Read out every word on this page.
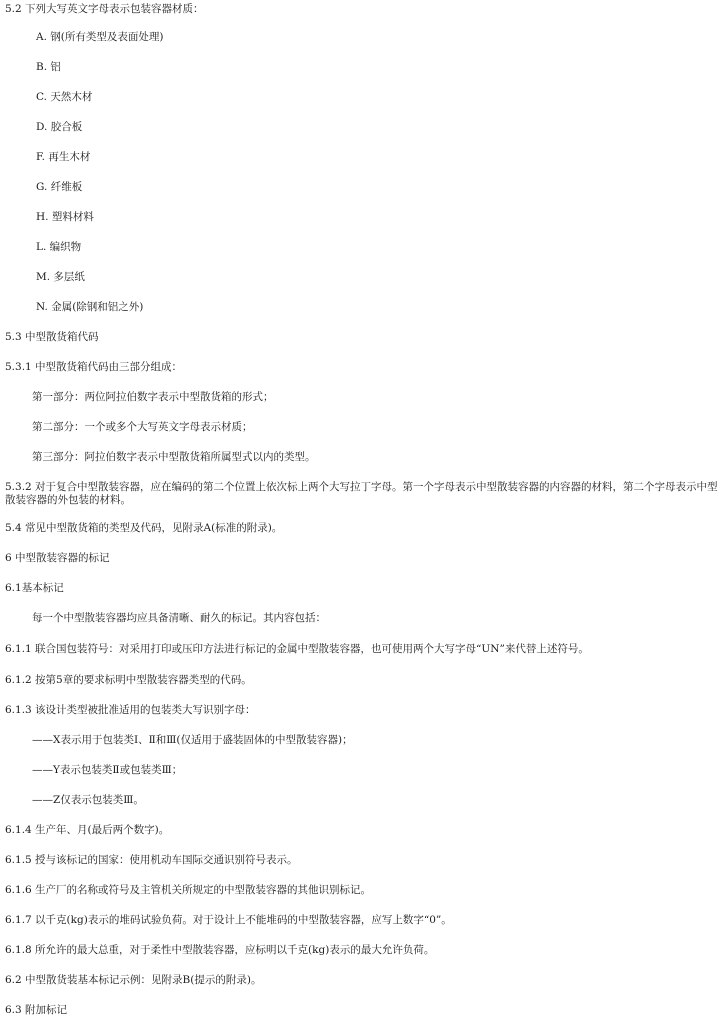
5.2 下列大写英文字母表示包装容器材质：
A. 钢(所有类型及表面处理)
B. 铝
C. 天然木材
D. 胶合板
F. 再生木材
G. 纤维板
H. 塑料材料
L. 编织物
M. 多层纸
N. 金属(除钢和铝之外)
5.3 中型散货箱代码
5.3.1 中型散货箱代码由三部分组成：
第一部分：两位阿拉伯数字表示中型散货箱的形式；
第二部分：一个或多个大写英文字母表示材质；
第三部分：阿拉伯数字表示中型散货箱所属型式以内的类型。
5.3.2 对于复合中型散装容器，应在编码的第二个位置上依次标上两个大写拉丁字母。第一个字母表示中型散装容器的内容器的材料，第二个字母表示中型散装容器的外包装的材料。
5.4 常见中型散货箱的类型及代码，见附录A(标准的附录)。
6 中型散装容器的标记
6.1基本标记
每一个中型散装容器均应具备清晰、耐久的标记。其内容包括：
6.1.1 联合国包装符号：对采用打印或压印方法进行标记的金属中型散装容器，也可使用两个大写字母“UN”来代替上述符号。
6.1.2 按第5章的要求标明中型散装容器类型的代码。
6.1.3 该设计类型被批准适用的包装类大写识别字母：
——X表示用于包装类Ⅰ、Ⅱ和Ⅲ(仅适用于盛装固体的中型散装容器)；
——Y表示包装类Ⅱ或包装类Ⅲ；
——Z仅表示包装类Ⅲ。
6.1.4 生产年、月(最后两个数字)。
6.1.5 授与该标记的国家：使用机动车国际交通识别符号表示。
6.1.6 生产厂的名称或符号及主管机关所规定的中型散装容器的其他识别标记。
6.1.7 以千克(kg)表示的堆码试验负荷。对于设计上不能堆码的中型散装容器，应写上数字“0”。
6.1.8 所允许的最大总重，对于柔性中型散装容器，应标明以千克(kg)表示的最大允许负荷。
6.2 中型散货装基本标记示例：见附录B(提示的附录)。
6.3 附加标记
